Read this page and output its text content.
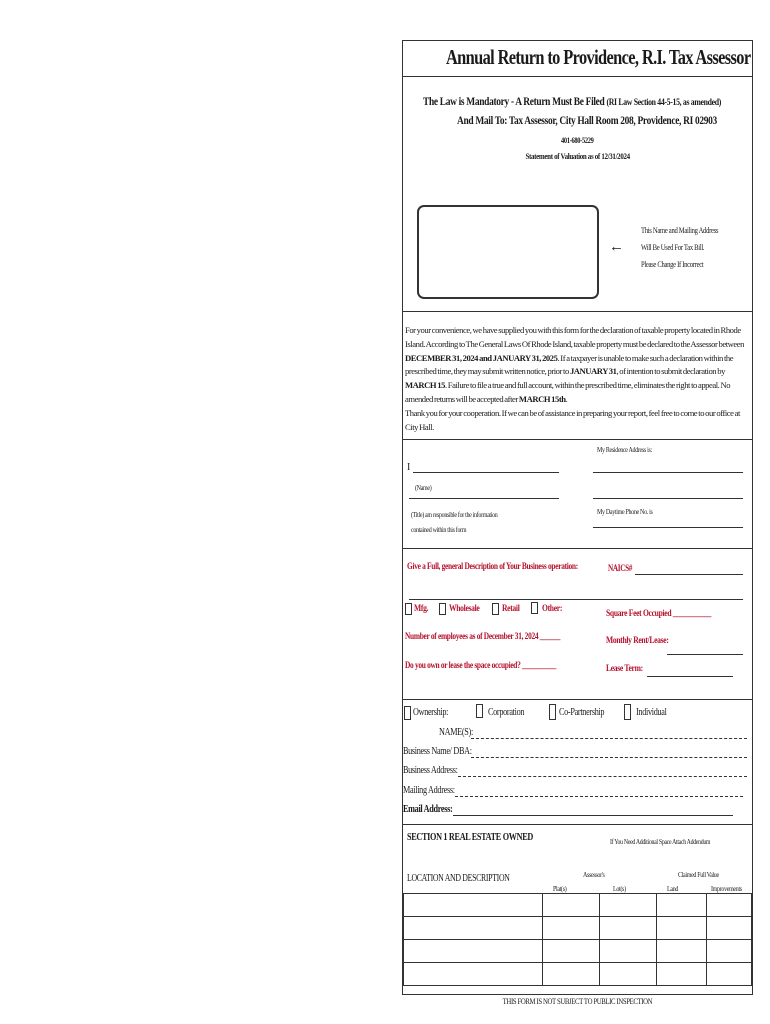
Annual Return to Providence, R.I. Tax Assessor
The Law is Mandatory - A Return Must Be Filed (RI Law Section 44-5-15, as amended)
And Mail To: Tax Assessor, City Hall Room 208, Providence, RI 02903
401-680-5229
Statement of Valuation as of 12/31/2024
←
This Name and Mailing Address
Will Be Used For Tax Bill.
Please Change If Incorrect
For your convenience, we have supplied you with this form for the declaration of taxable property located in Rhode Island. According to The General Laws Of Rhode Island, taxable property must be declared to the Assessor between DECEMBER 31, 2024 and JANUARY 31, 2025. If a taxpayer is unable to make such a declaration within the prescribed time, they may submit written notice, prior to JANUARY 31, of intention to submit declaration by MARCH 15. Failure to file a true and full account, within the prescribed time, eliminates the right to appeal. No amended returns will be accepted after MARCH 15th.
Thank you for your cooperation. If we can be of assistance in preparing your report, feel free to come to our office at City Hall.
My Residence Address is:
I
(Name)
My Daytime Phone No. is
(Title) am responsible for the information
contained within this form
Give a Full, general Description of Your Business operation:	NAICS#
Mfg.	Wholesale	Retail	Other:	Square Feet Occupied ___________
Number of employees as of December 31, 2024 ______	Monthly Rent/Lease:
Do you own or lease the space occupied? __________	Lease Term:
Ownership:	Corporation	Co-Partnership	Individual
NAME(S):
Business Name/ DBA:
Business Address:
Mailing Address:
Email Address:
SECTION 1 REAL ESTATE OWNED	If You Need Additional Space Attach Addendum
LOCATION AND DESCRIPTION	Assessor's
Plat(s)	Lot(s)
Claimed Full Value
Land	Improvements

THIS FORM IS NOT SUBJECT TO PUBLIC INSPECTION
